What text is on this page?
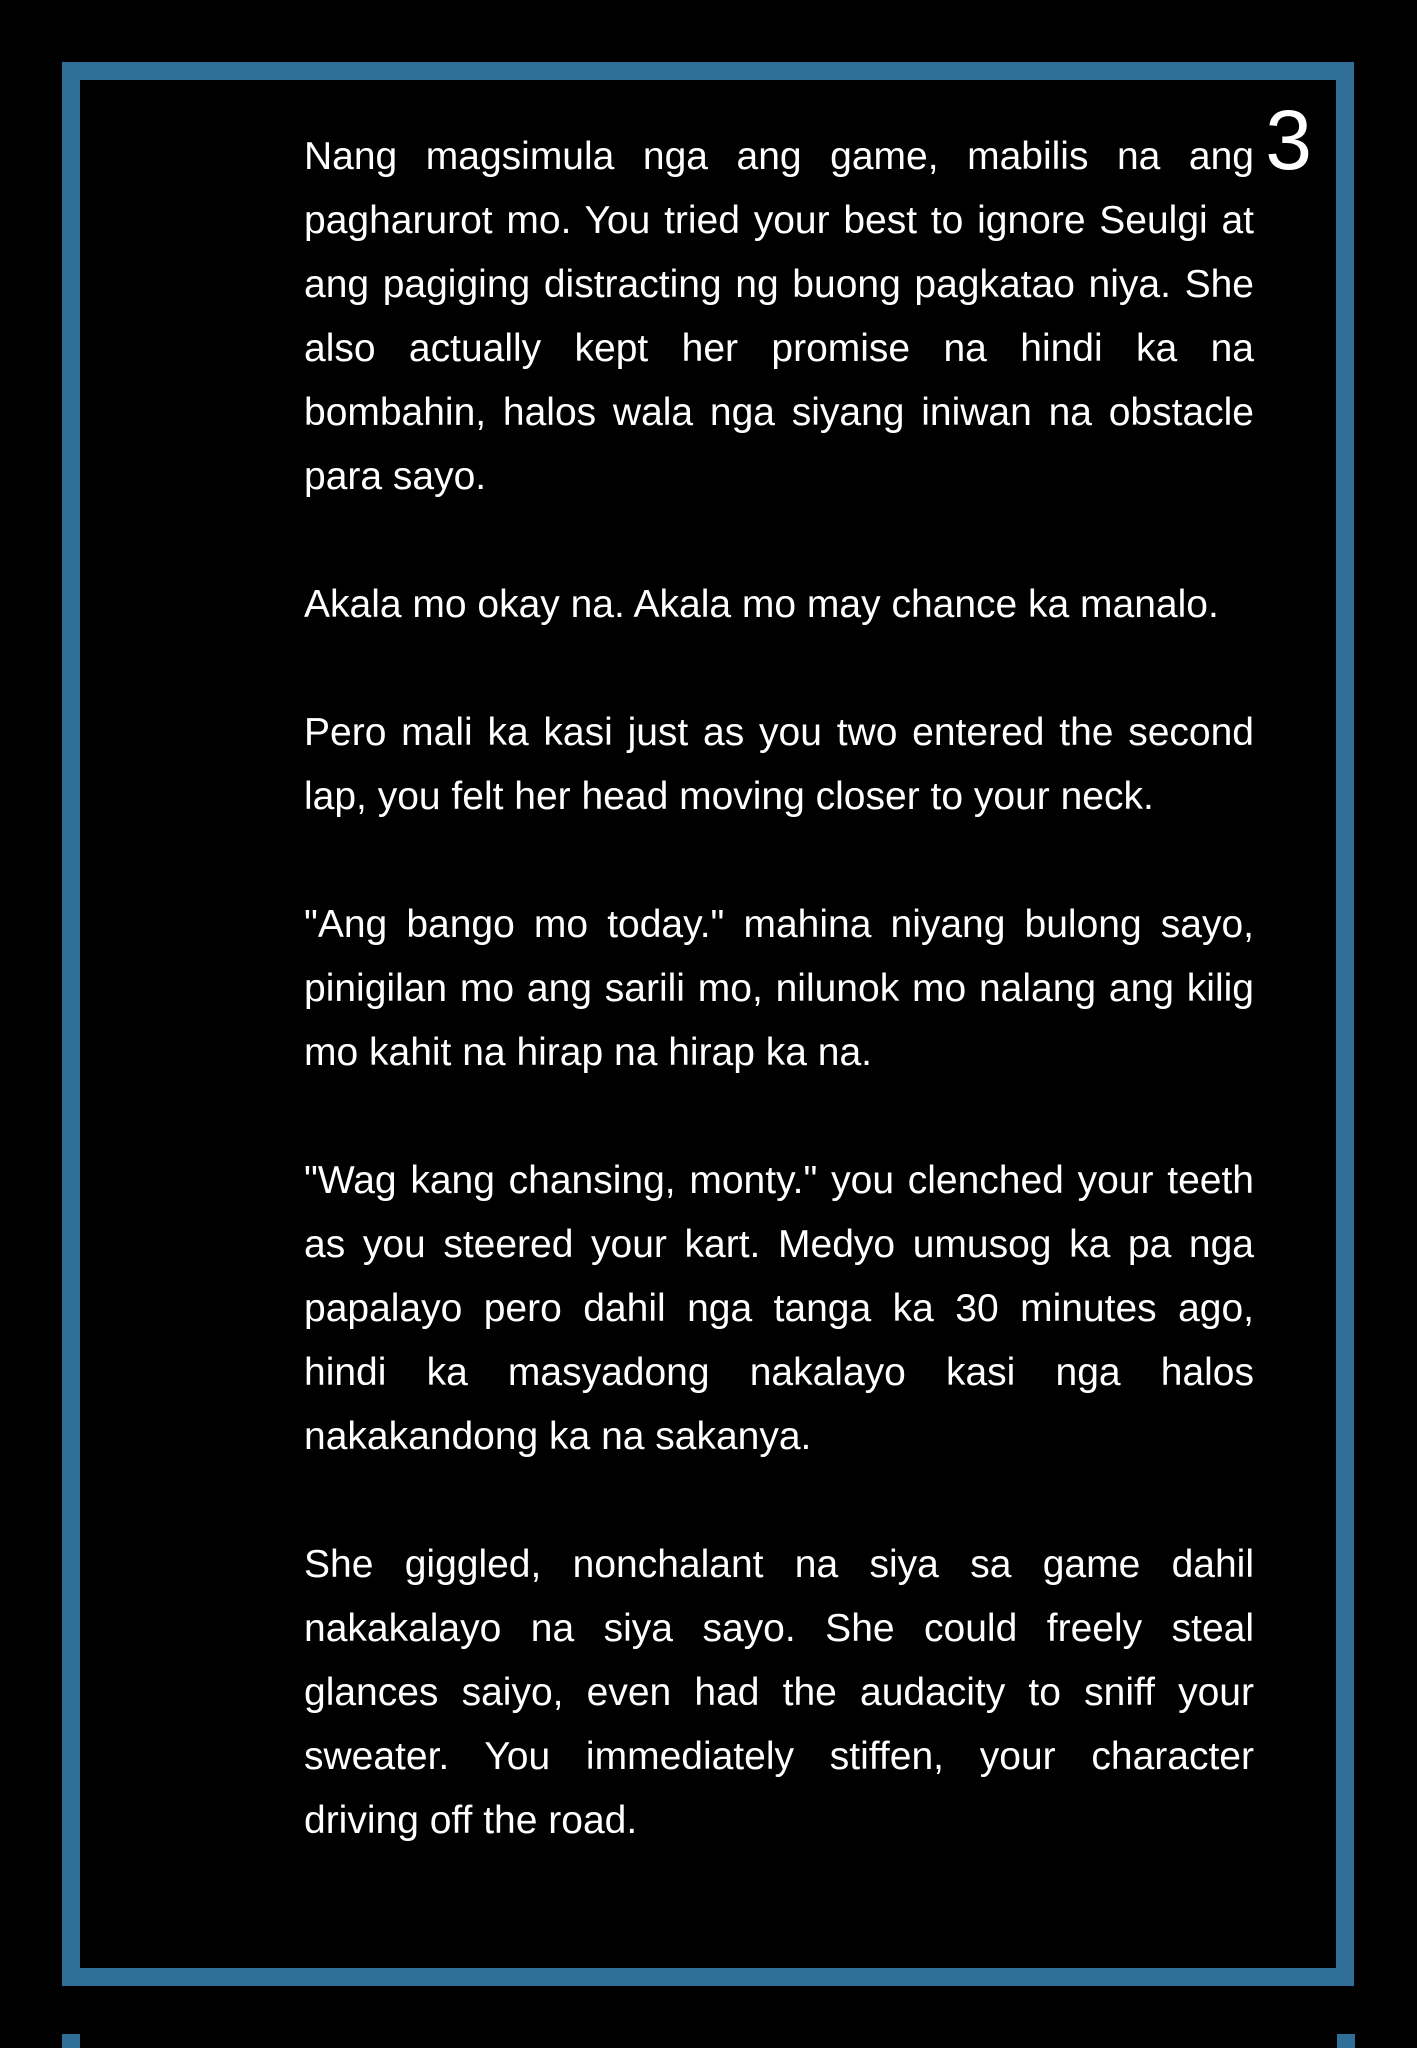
3

Nang magsimula nga ang game, mabilis na ang pagharurot mo. You tried your best to ignore Seulgi at ang pagiging distracting ng buong pagkatao niya. She also actually kept her promise na hindi ka na bombahin, halos wala nga siyang iniwan na obstacle para sayo.

Akala mo okay na. Akala mo may chance ka manalo.

Pero mali ka kasi just as you two entered the second lap, you felt her head moving closer to your neck.

"Ang bango mo today." mahina niyang bulong sayo, pinigilan mo ang sarili mo, nilunok mo nalang ang kilig mo kahit na hirap na hirap ka na.

"Wag kang chansing, monty." you clenched your teeth as you steered your kart. Medyo umusog ka pa nga papalayo pero dahil nga tanga ka 30 minutes ago, hindi ka masyadong nakalayo kasi nga halos nakakandong ka na sakanya.

She giggled, nonchalant na siya sa game dahil nakakalayo na siya sayo. She could freely steal glances saiyo, even had the audacity to sniff your sweater. You immediately stiffen, your character driving off the road.
